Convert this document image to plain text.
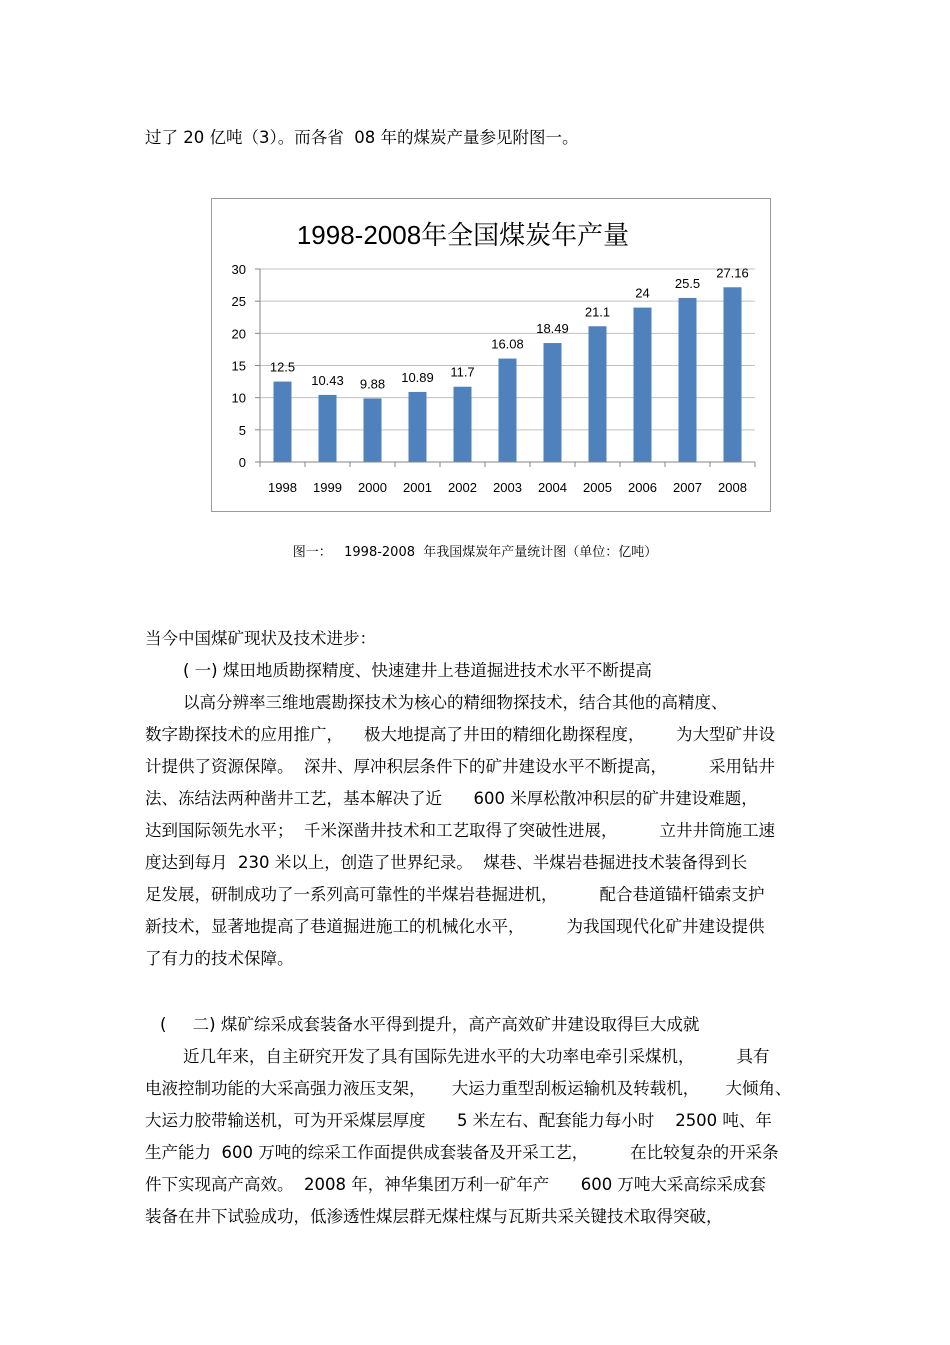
过了 20 亿吨（3）。而各省  08 年的煤炭产量参见附图一。
1998-2008年全国煤炭年产量
0
5
10
15
20
25
30
12.5
10.43 9.88 10.89 11.7
16.08
18.49
21.1
24
25.5
27.16
1998 1999 2000 2001 2002 2003 2004 2005 2006 2007 2008
图一：   1998-2008  年我国煤炭年产量统计图（单位：亿吨）
当今中国煤矿现状及技术进步：
( 一) 煤田地质勘探精度、快速建井上巷道掘进技术水平不断提高
以高分辨率三维地震勘探技术为核心的精细物探技术，结合其他的高精度、
数字勘探技术的应用推广，    极大地提高了井田的精细化勘探程度，      为大型矿井设
计提供了资源保障。  深井、厚冲积层条件下的矿井建设水平不断提高，        采用钻井
法、冻结法两种凿井工艺，基本解决了近      600 米厚松散冲积层的矿井建设难题，
达到国际领先水平；  千米深凿井技术和工艺取得了突破性进展，        立井井筒施工速
度达到每月  230 米以上，创造了世界纪录。  煤巷、半煤岩巷掘进技术装备得到长
足发展，研制成功了一系列高可靠性的半煤岩巷掘进机，        配合巷道锚杆锚索支护
新技术，显著地提高了巷道掘进施工的机械化水平，        为我国现代化矿井建设提供
了有力的技术保障。
(     二) 煤矿综采成套装备水平得到提升，高产高效矿井建设取得巨大成就
近几年来，自主研究开发了具有国际先进水平的大功率电牵引采煤机，        具有
电液控制功能的大采高强力液压支架，     大运力重型刮板运输机及转载机，     大倾角、
大运力胶带输送机，可为开采煤层厚度      5 米左右、配套能力每小时    2500 吨、年
生产能力  600 万吨的综采工作面提供成套装备及开采工艺，        在比较复杂的开采条
件下实现高产高效。  2008 年，神华集团万利一矿年产      600 万吨大采高综采成套
装备在井下试验成功，低渗透性煤层群无煤柱煤与瓦斯共采关键技术取得突破，
